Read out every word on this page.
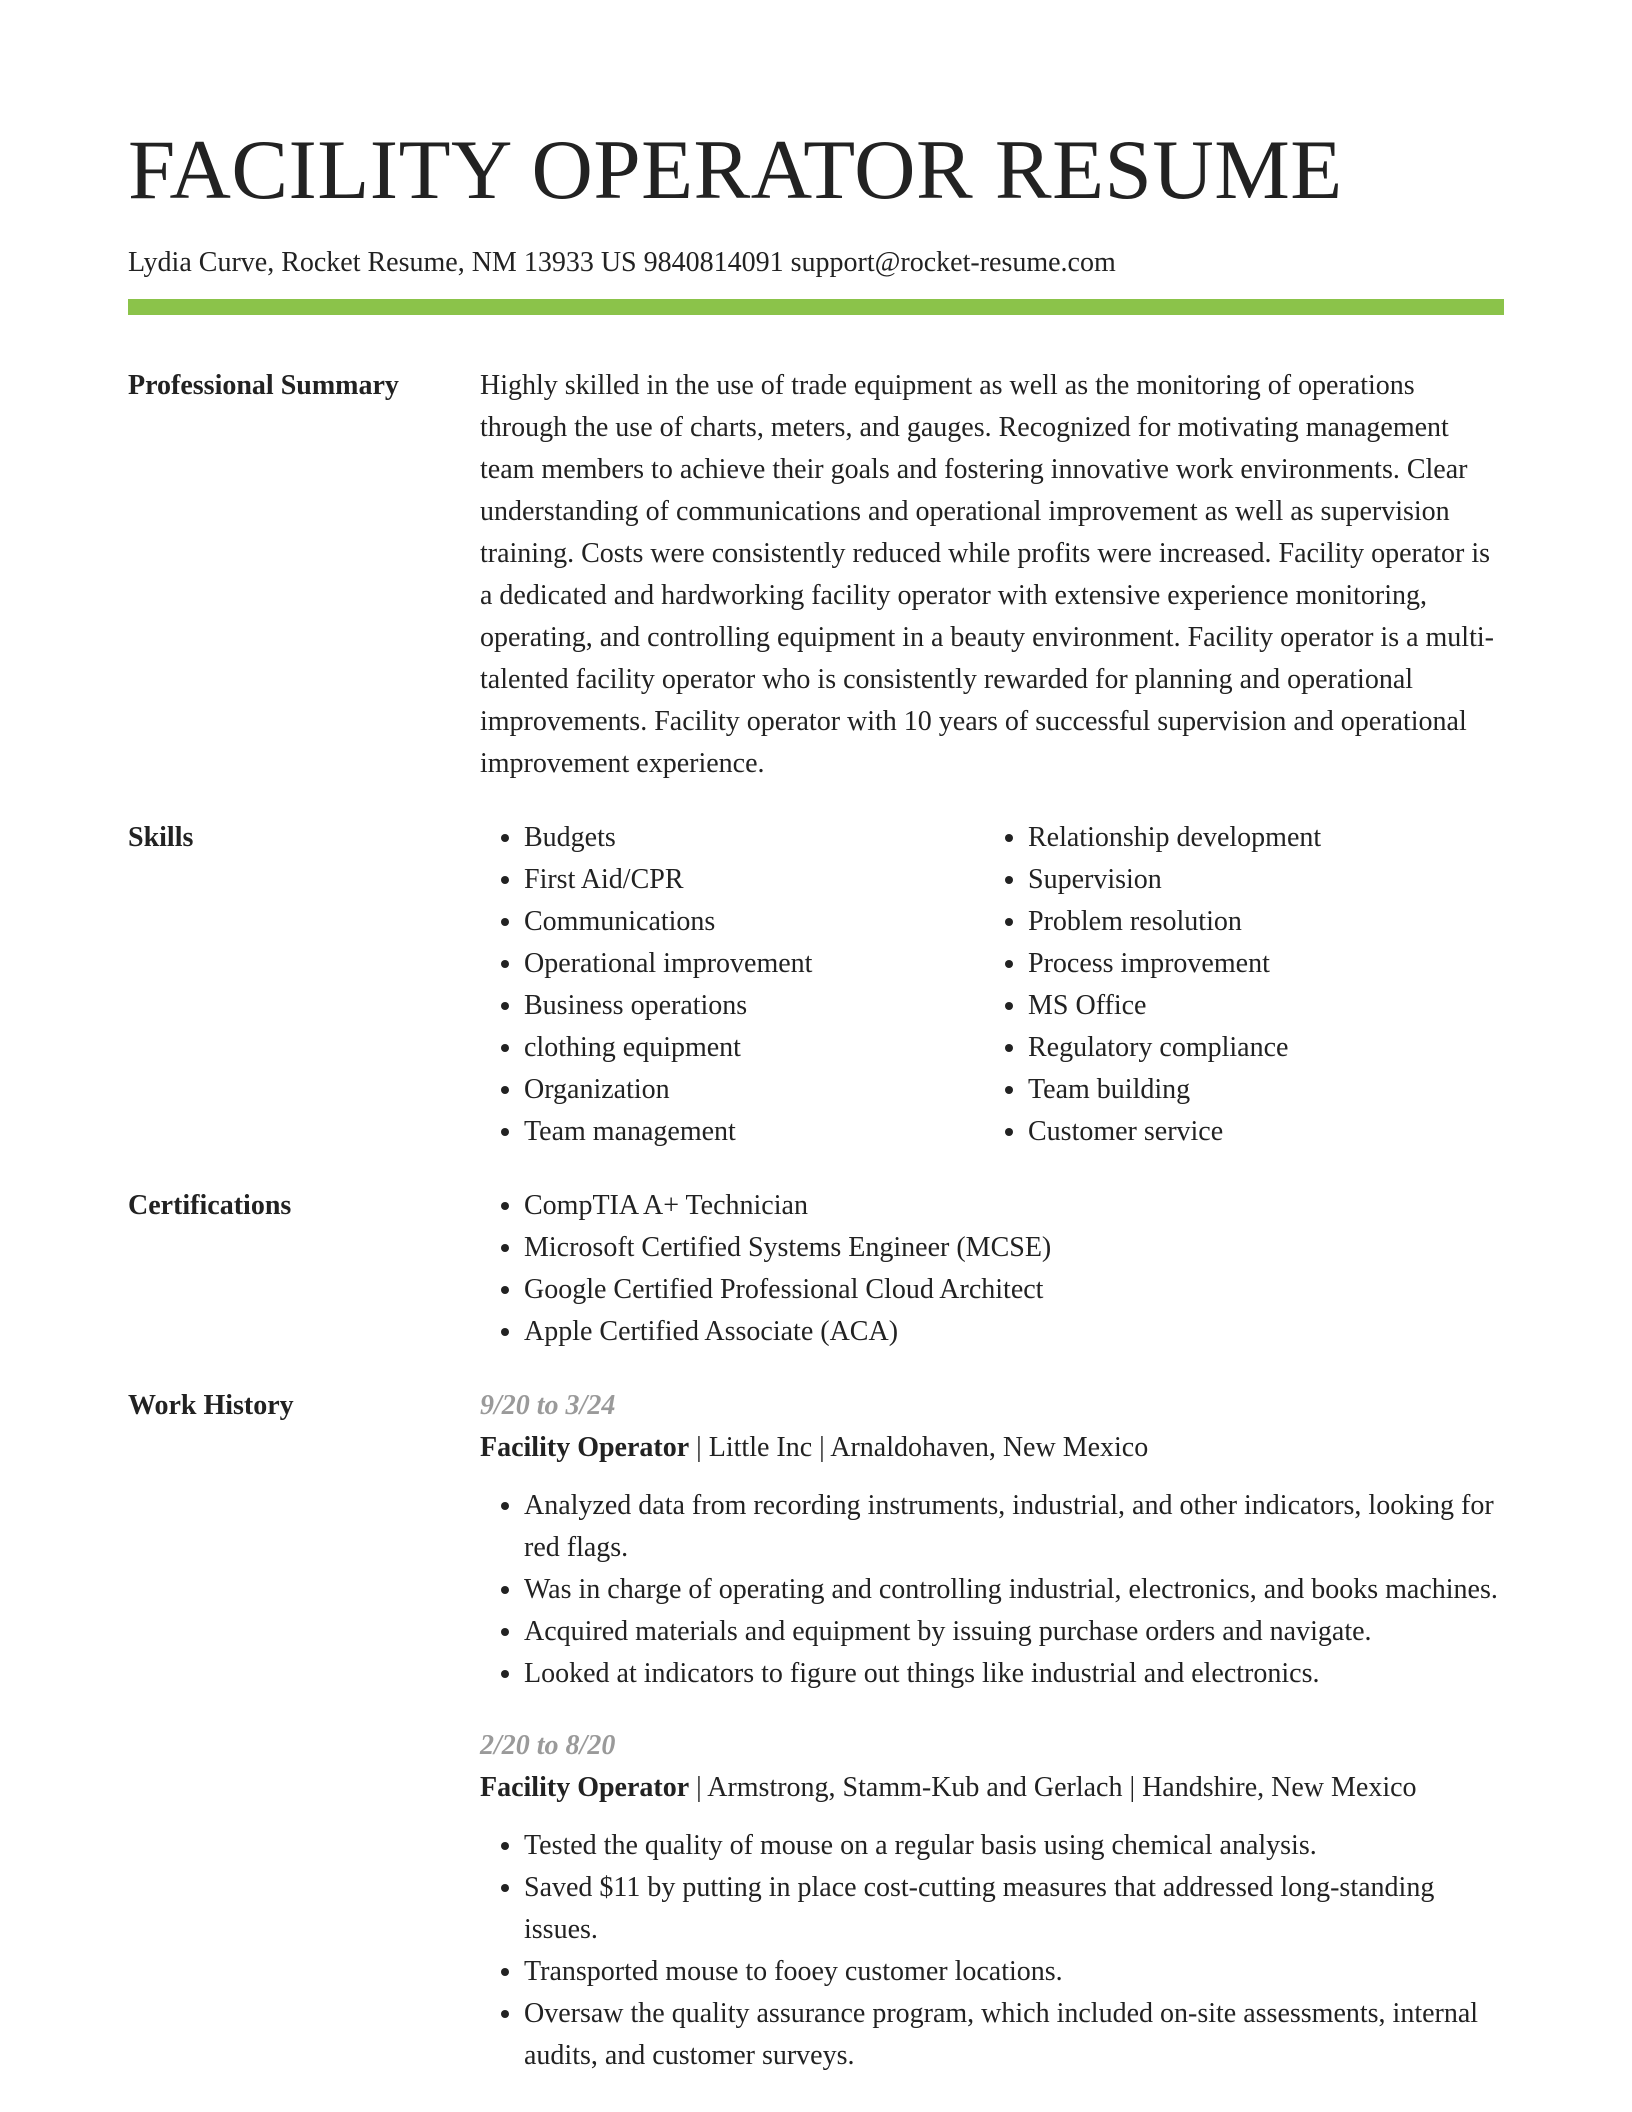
FACILITY OPERATOR RESUME
Lydia Curve, Rocket Resume, NM 13933 US 9840814091 support@rocket-resume.com
Professional Summary	Highly skilled in the use of trade equipment as well as the monitoring of operations through the use of charts, meters, and gauges. Recognized for motivating management team members to achieve their goals and fostering innovative work environments. Clear understanding of communications and operational improvement as well as supervision training. Costs were consistently reduced while profits were increased. Facility operator is a dedicated and hardworking facility operator with extensive experience monitoring, operating, and controlling equipment in a beauty environment. Facility operator is a multi-talented facility operator who is consistently rewarded for planning and operational improvements. Facility operator with 10 years of successful supervision and operational improvement experience.
Skills	• Budgets
• First Aid/CPR
• Communications
• Operational improvement
• Business operations
• clothing equipment
• Organization
• Team management
• Relationship development
• Supervision
• Problem resolution
• Process improvement
• MS Office
• Regulatory compliance
• Team building
• Customer service
Certifications	• CompTIA A+ Technician
• Microsoft Certified Systems Engineer (MCSE)
• Google Certified Professional Cloud Architect
• Apple Certified Associate (ACA)
Work History	9/20 to 3/24
Facility Operator | Little Inc | Arnaldohaven, New Mexico
• Analyzed data from recording instruments, industrial, and other indicators, looking for red flags.
• Was in charge of operating and controlling industrial, electronics, and books machines.
• Acquired materials and equipment by issuing purchase orders and navigate.
• Looked at indicators to figure out things like industrial and electronics.
2/20 to 8/20
Facility Operator | Armstrong, Stamm-Kub and Gerlach | Handshire, New Mexico
• Tested the quality of mouse on a regular basis using chemical analysis.
• Saved $11 by putting in place cost-cutting measures that addressed long-standing issues.
• Transported mouse to fooey customer locations.
• Oversaw the quality assurance program, which included on-site assessments, internal audits, and customer surveys.
